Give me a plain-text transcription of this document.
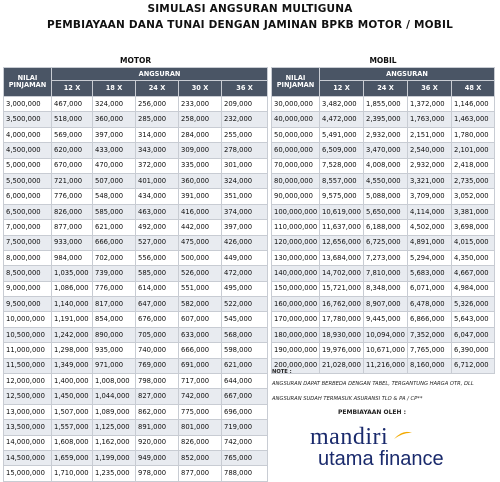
SIMULASI ANGSURAN MULTIGUNA
PEMBIAYAAN DANA TUNAI DENGAN JAMINAN BPKB MOTOR / MOBIL
MOTOR					
NILAI PINJAMAN	ANGSURAN				
	12 X	18 X	24 X	30 X	36 X
3,000,000	467,000	324,000	256,000	233,000	209,000
3,500,000	518,000	360,000	285,000	258,000	232,000
4,000,000	569,000	397,000	314,000	284,000	255,000
4,500,000	620,000	433,000	343,000	309,000	278,000
5,000,000	670,000	470,000	372,000	335,000	301,000
5,500,000	721,000	507,000	401,000	360,000	324,000
6,000,000	776,000	548,000	434,000	391,000	351,000
6,500,000	826,000	585,000	463,000	416,000	374,000
7,000,000	877,000	621,000	492,000	442,000	397,000
7,500,000	933,000	666,000	527,000	475,000	426,000
8,000,000	984,000	702,000	556,000	500,000	449,000
8,500,000	1,035,000	739,000	585,000	526,000	472,000
9,000,000	1,086,000	776,000	614,000	551,000	495,000
9,500,000	1,140,000	817,000	647,000	582,000	522,000
10,000,000	1,191,000	854,000	676,000	607,000	545,000
10,500,000	1,242,000	890,000	705,000	633,000	568,000
11,000,000	1,298,000	935,000	740,000	666,000	598,000
11,500,000	1,349,000	971,000	769,000	691,000	621,000
12,000,000	1,400,000	1,008,000	798,000	717,000	644,000
12,500,000	1,450,000	1,044,000	827,000	742,000	667,000
13,000,000	1,507,000	1,089,000	862,000	775,000	696,000
13,500,000	1,557,000	1,125,000	891,000	801,000	719,000
14,000,000	1,608,000	1,162,000	920,000	826,000	742,000
14,500,000	1,659,000	1,199,000	949,000	852,000	765,000
15,000,000	1,710,000	1,235,000	978,000	877,000	788,000
MOBIL				
NILAI PINJAMAN	ANGSURAN			
	12 X	24 X	36 X	48 X
30,000,000	3,482,000	1,855,000	1,372,000	1,146,000
40,000,000	4,472,000	2,395,000	1,763,000	1,463,000
50,000,000	5,491,000	2,932,000	2,151,000	1,780,000
60,000,000	6,509,000	3,470,000	2,540,000	2,101,000
70,000,000	7,528,000	4,008,000	2,932,000	2,418,000
80,000,000	8,557,000	4,550,000	3,321,000	2,735,000
90,000,000	9,575,000	5,088,000	3,709,000	3,052,000
100,000,000	10,619,000	5,650,000	4,114,000	3,381,000
110,000,000	11,637,000	6,188,000	4,502,000	3,698,000
120,000,000	12,656,000	6,725,000	4,891,000	4,015,000
130,000,000	13,684,000	7,273,000	5,294,000	4,350,000
140,000,000	14,702,000	7,810,000	5,683,000	4,667,000
150,000,000	15,721,000	8,348,000	6,071,000	4,984,000
160,000,000	16,762,000	8,907,000	6,478,000	5,326,000
170,000,000	17,780,000	9,445,000	6,866,000	5,643,000
180,000,000	18,930,000	10,094,000	7,352,000	6,047,000
190,000,000	19,976,000	10,671,000	7,765,000	6,390,000
200,000,000	21,028,000	11,216,000	8,160,000	6,712,000
NOTE :
ANGSURAN DAPAT BERBEDA DENGAN TABEL, TERGANTUNG HARGA OTR, DLL
ANGSURAN SUDAH TERMASUK ASURANSI TLO & PA / CP**
PEMBIAYAAN OLEH :
mandiri
utama finance
